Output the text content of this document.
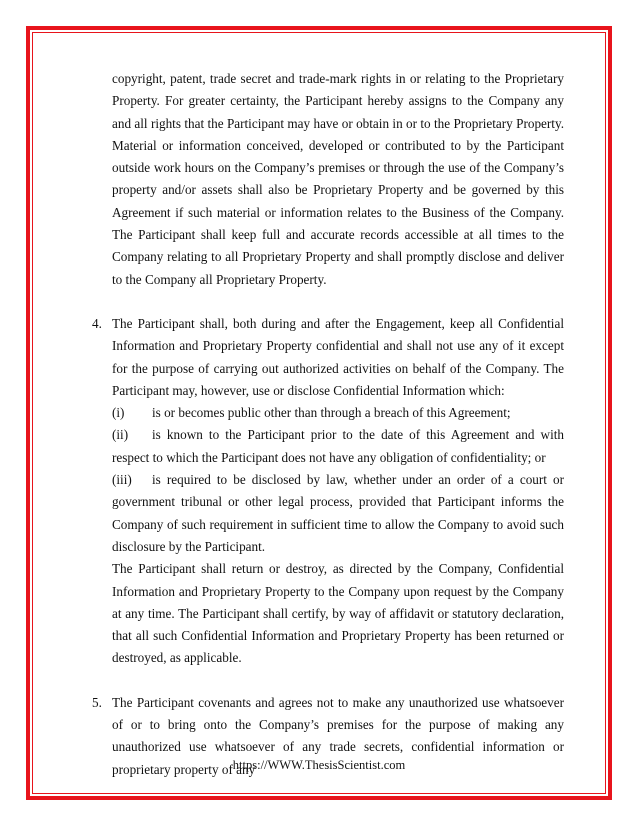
copyright, patent, trade secret and trade-mark rights in or relating to the Proprietary Property. For greater certainty, the Participant hereby assigns to the Company any and all rights that the Participant may have or obtain in or to the Proprietary Property. Material or information conceived, developed or contributed to by the Participant outside work hours on the Company’s premises or through the use of the Company’s property and/or assets shall also be Proprietary Property and be governed by this Agreement if such material or information relates to the Business of the Company. The Participant shall keep full and accurate records accessible at all times to the Company relating to all Proprietary Property and shall promptly disclose and deliver to the Company all Proprietary Property.

4. The Participant shall, both during and after the Engagement, keep all Confidential Information and Proprietary Property confidential and shall not use any of it except for the purpose of carrying out authorized activities on behalf of the Company. The Participant may, however, use or disclose Confidential Information which:

(i)	is or becomes public other than through a breach of this Agreement;

(ii)	is known to the Participant prior to the date of this Agreement and with respect to which the Participant does not have any obligation of confidentiality; or

(iii)	is required to be disclosed by law, whether under an order of a court or government tribunal or other legal process, provided that Participant informs the Company of such requirement in sufficient time to allow the Company to avoid such disclosure by the Participant.

The Participant shall return or destroy, as directed by the Company, Confidential Information and Proprietary Property to the Company upon request by the Company at any time. The Participant shall certify, by way of affidavit or statutory declaration, that all such Confidential Information and Proprietary Property has been returned or destroyed, as applicable.

5. The Participant covenants and agrees not to make any unauthorized use whatsoever of or to bring onto the Company’s premises for the purpose of making any unauthorized use whatsoever of any trade secrets, confidential information or proprietary property of any

https://WWW.ThesisScientist.com
